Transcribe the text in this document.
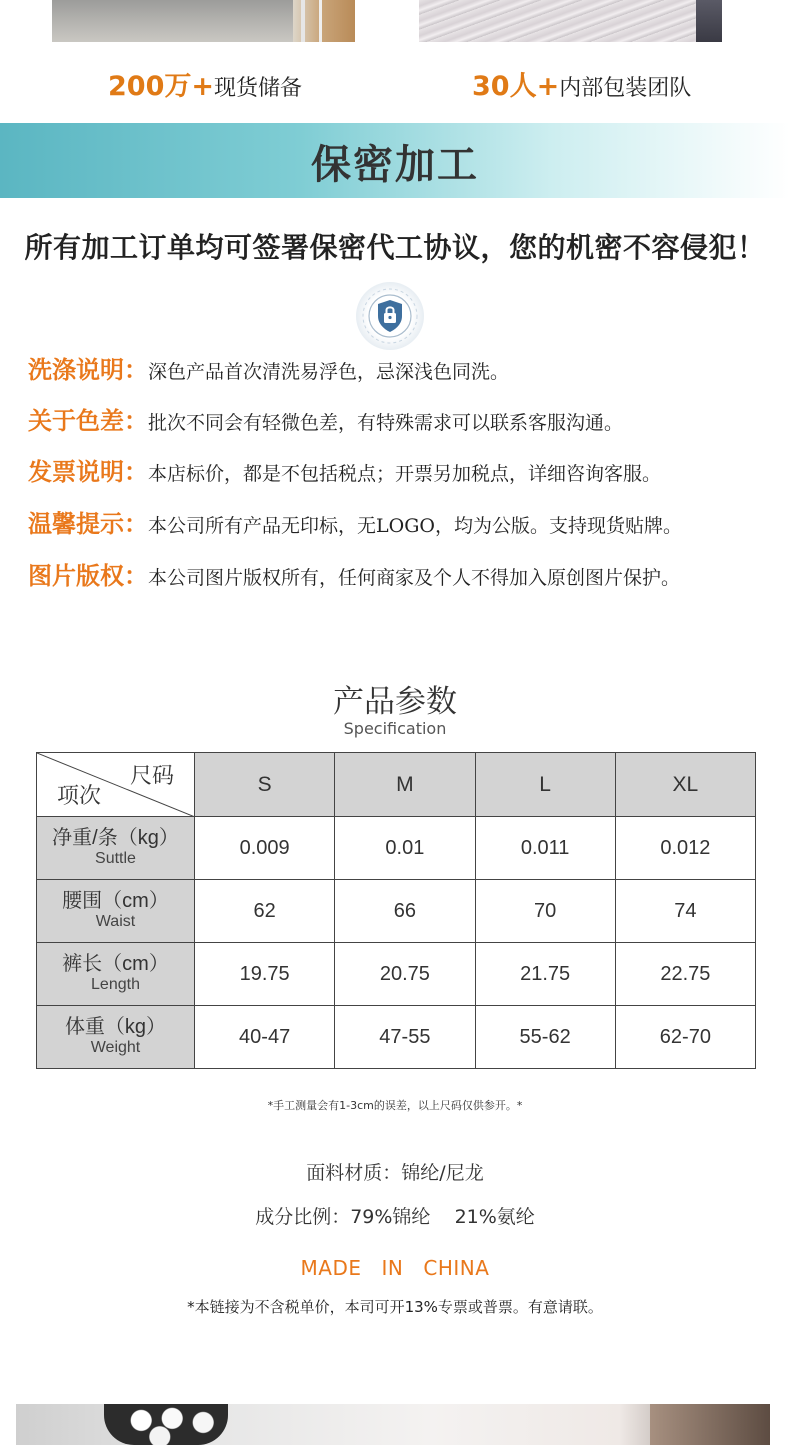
200万+现货储备	30人+内部包装团队
保密加工
所有加工订单均可签署保密代工协议，您的机密不容侵犯！
洗涤说明：深色产品首次清洗易浮色，忌深浅色同洗。
关于色差：批次不同会有轻微色差，有特殊需求可以联系客服沟通。
发票说明：本店标价，都是不包括税点；开票另加税点，详细咨询客服。
温馨提示：本公司所有产品无印标，无LOGO，均为公版。支持现货贴牌。
图片版权：本公司图片版权所有，任何商家及个人不得加入原创图片保护。
产品参数
Specification
尺码
项次	S	M	L	XL

净重/条（kg）
Suttle	0.009	0.01	0.011	0.012

腰围（cm）
Waist	62	66	70	74

裤长（cm）
Length	19.75	20.75	21.75	22.75

体重（kg）
Weight	40-47	47-55	55-62	62-70
*手工测量会有1-3cm的误差，以上尺码仅供参开。*
面料材质：锦纶/尼龙
成分比例：79%锦纶    21%氨纶
MADE IN CHINA
*本链接为不含税单价，本司可开13%专票或普票。有意请联。
